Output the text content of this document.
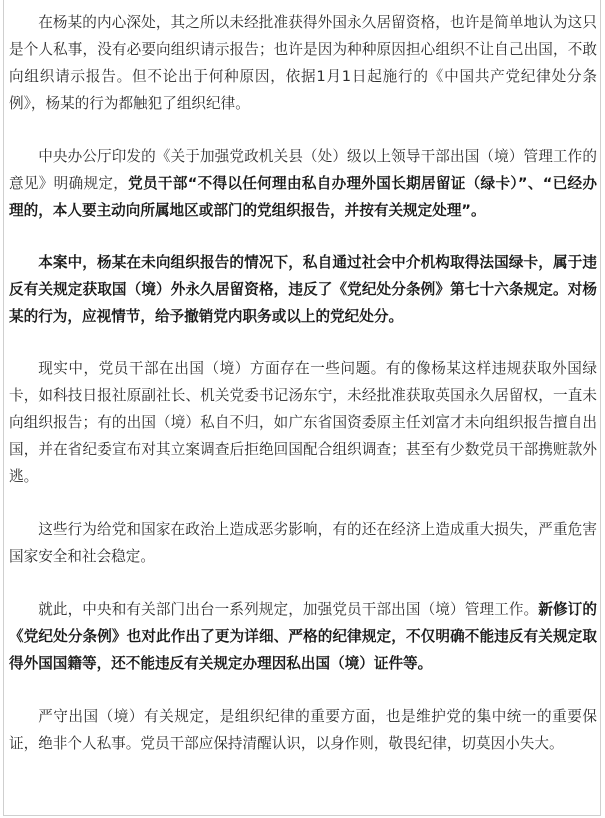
在杨某的内心深处，其之所以未经批准获得外国永久居留资格，也许是简单地认为这只是个人私事，没有必要向组织请示报告；也许是因为种种原因担心组织不让自己出国，不敢向组织请示报告。但不论出于何种原因，依据1月1日起施行的《中国共产党纪律处分条例》，杨某的行为都触犯了组织纪律。

中央办公厅印发的《关于加强党政机关县（处）级以上领导干部出国（境）管理工作的意见》明确规定，党员干部“不得以任何理由私自办理外国长期居留证（绿卡）”、“已经办理的，本人要主动向所属地区或部门的党组织报告，并按有关规定处理”。

本案中，杨某在未向组织报告的情况下，私自通过社会中介机构取得法国绿卡，属于违反有关规定获取国（境）外永久居留资格，违反了《党纪处分条例》第七十六条规定。对杨某的行为，应视情节，给予撤销党内职务或以上的党纪处分。

现实中，党员干部在出国（境）方面存在一些问题。有的像杨某这样违规获取外国绿卡，如科技日报社原副社长、机关党委书记汤东宁，未经批准获取英国永久居留权，一直未向组织报告；有的出国（境）私自不归，如广东省国资委原主任刘富才未向组织报告擅自出国，并在省纪委宣布对其立案调查后拒绝回国配合组织调查；甚至有少数党员干部携赃款外逃。

这些行为给党和国家在政治上造成恶劣影响，有的还在经济上造成重大损失，严重危害国家安全和社会稳定。

就此，中央和有关部门出台一系列规定，加强党员干部出国（境）管理工作。新修订的《党纪处分条例》也对此作出了更为详细、严格的纪律规定，不仅明确不能违反有关规定取得外国国籍等，还不能违反有关规定办理因私出国（境）证件等。

严守出国（境）有关规定，是组织纪律的重要方面，也是维护党的集中统一的重要保证，绝非个人私事。党员干部应保持清醒认识，以身作则，敬畏纪律，切莫因小失大。
